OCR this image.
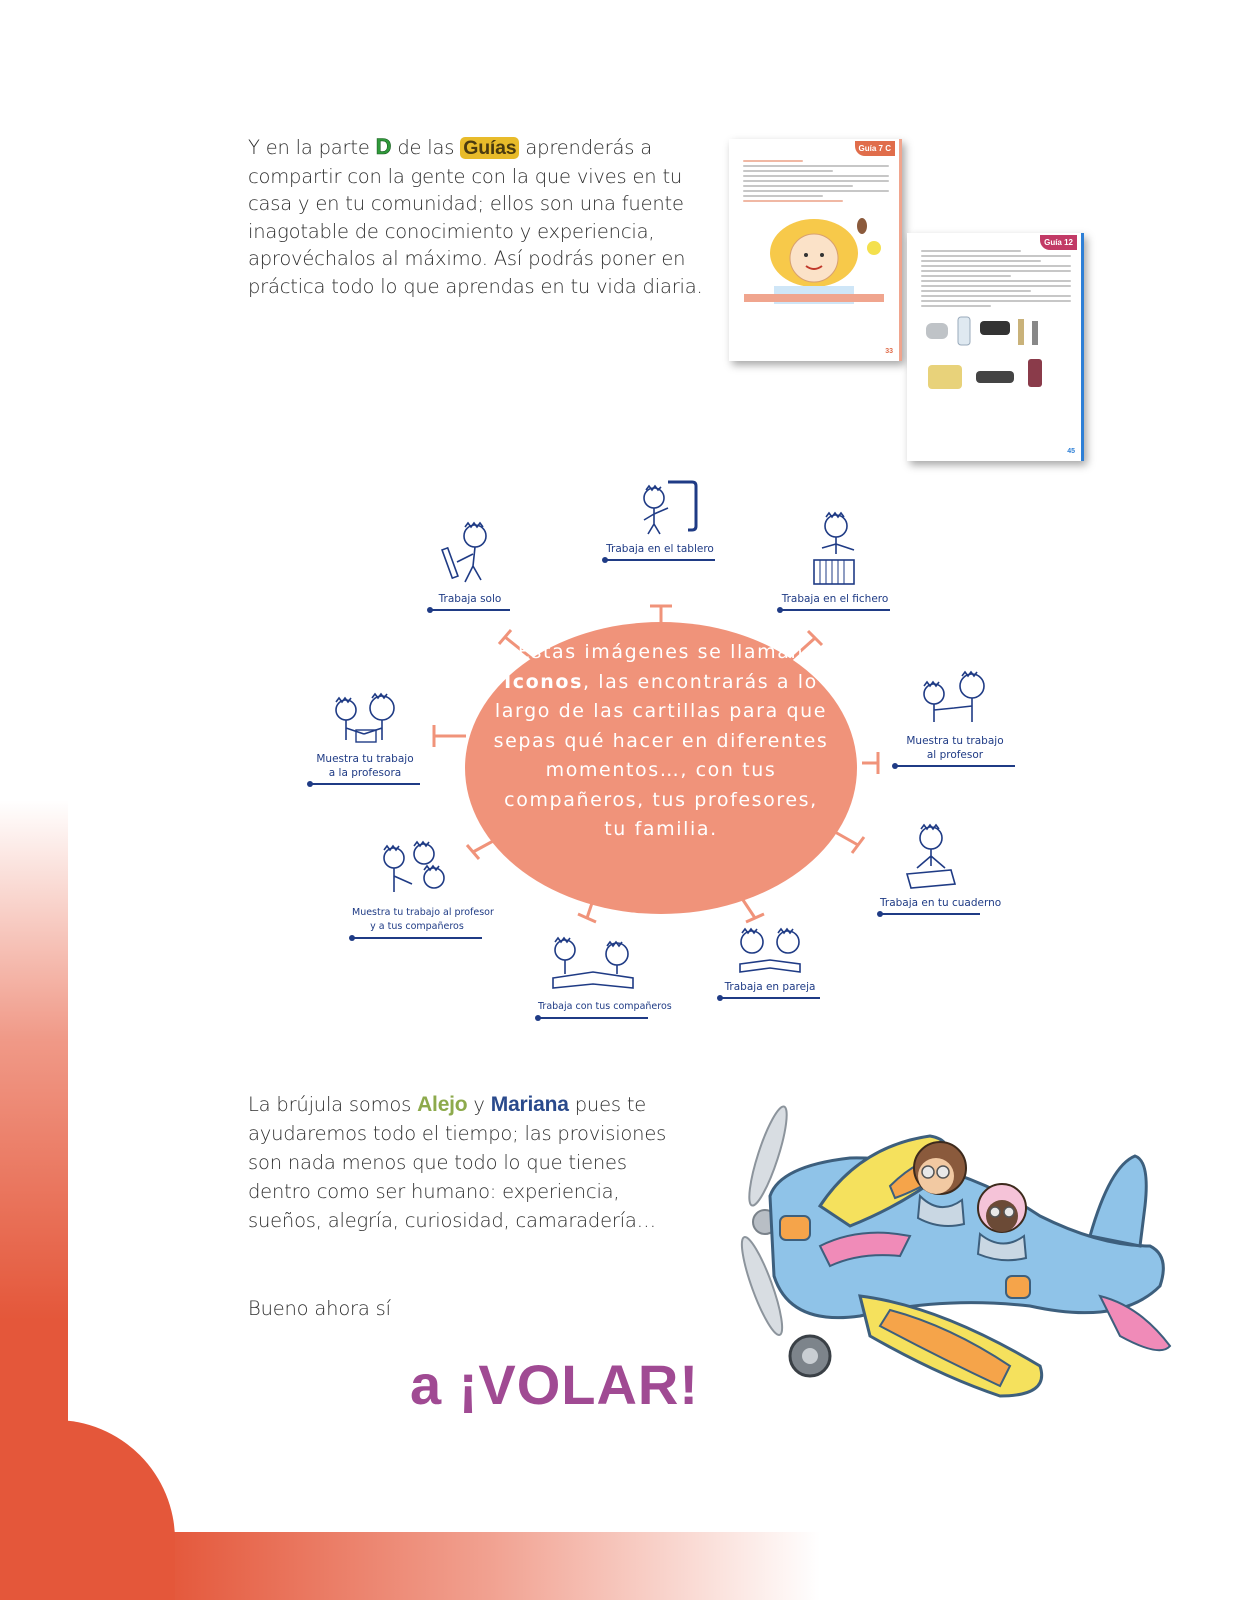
Y en la parte D de las Guías aprenderás a compartir con la gente con la que vives en tu casa y en tu comunidad; ellos son una fuente inagotable de conocimiento y experiencia, aprovéchalos al máximo. Así podrás poner en práctica todo lo que aprendas en tu vida diaria.
Guía 7 C
33
Guía 12
45
Estas imágenes se llaman Íconos, las encontrarás a lo largo de las cartillas para que sepas qué hacer en diferentes momentos…, con tus compañeros, tus profesores, tu familia.
Trabaja en el tablero
Trabaja solo	Trabaja en el fichero
Muestra tu trabajo
al profesor
Muestra tu trabajo
a la profesora
Trabaja en tu cuaderno
Trabaja en pareja
Trabaja con tus compañeros
Muestra tu trabajo al profesor
y a tus compañeros
La brújula somos Alejo y Mariana pues te ayudaremos todo el tiempo; las provisiones son nada menos que todo lo que tienes dentro como ser humano: experiencia, sueños, alegría, curiosidad, camaradería…
Bueno ahora sí
a ¡VOLAR!
